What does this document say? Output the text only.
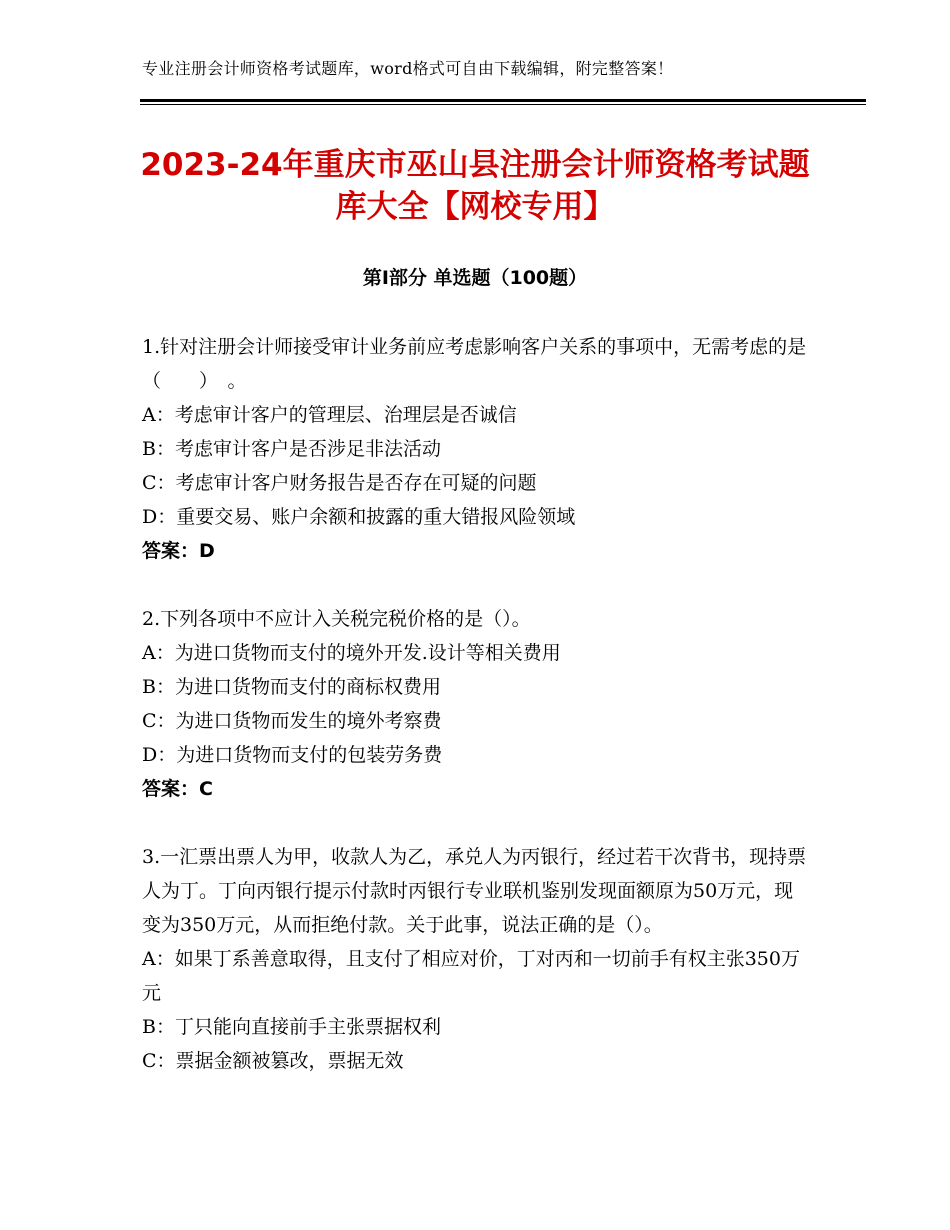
专业注册会计师资格考试题库，word格式可自由下载编辑，附完整答案！
2023-24年重庆市巫山县注册会计师资格考试题库大全【网校专用】
第Ⅰ部分 单选题（100题）

1.针对注册会计师接受审计业务前应考虑影响客户关系的事项中，无需考虑的是（　　）　。

A：考虑审计客户的管理层、治理层是否诚信

B：考虑审计客户是否涉足非法活动

C：考虑审计客户财务报告是否存在可疑的问题

D：重要交易、账户余额和披露的重大错报风险领域

答案：D

2.下列各项中不应计入关税完税价格的是（）。

A：为进口货物而支付的境外开发.设计等相关费用

B：为进口货物而支付的商标权费用

C：为进口货物而发生的境外考察费

D：为进口货物而支付的包装劳务费

答案：C

3.一汇票出票人为甲，收款人为乙，承兑人为丙银行，经过若干次背书，现持票人为丁。丁向丙银行提示付款时丙银行专业联机鉴别发现面额原为50万元，现变为350万元，从而拒绝付款。关于此事，说法正确的是（）。

A：如果丁系善意取得，且支付了相应对价，丁对丙和一切前手有权主张350万元

B：丁只能向直接前手主张票据权利

C：票据金额被篡改，票据无效
